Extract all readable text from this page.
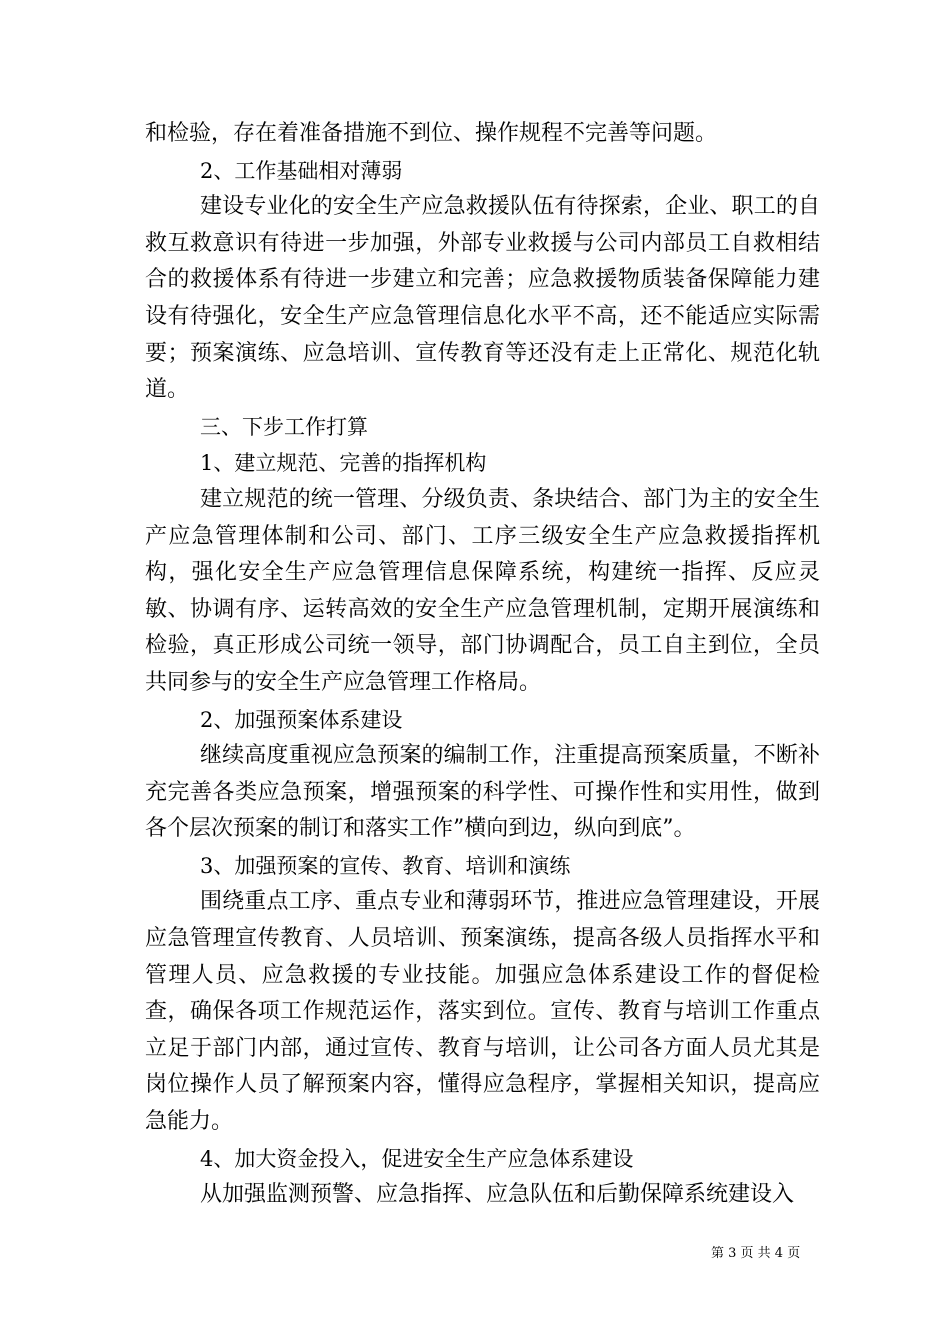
和检验，存在着准备措施不到位、操作规程不完善等问题。

2、工作基础相对薄弱

建设专业化的安全生产应急救援队伍有待探索，企业、职工的自救互救意识有待进一步加强，外部专业救援与公司内部员工自救相结合的救援体系有待进一步建立和完善；应急救援物质装备保障能力建设有待强化，安全生产应急管理信息化水平不高，还不能适应实际需要；预案演练、应急培训、宣传教育等还没有走上正常化、规范化轨道。

三、下步工作打算

1、建立规范、完善的指挥机构

建立规范的统一管理、分级负责、条块结合、部门为主的安全生产应急管理体制和公司、部门、工序三级安全生产应急救援指挥机构，强化安全生产应急管理信息保障系统，构建统一指挥、反应灵敏、协调有序、运转高效的安全生产应急管理机制，定期开展演练和检验，真正形成公司统一领导，部门协调配合，员工自主到位，全员共同参与的安全生产应急管理工作格局。

2、加强预案体系建设

继续高度重视应急预案的编制工作，注重提高预案质量，不断补充完善各类应急预案，增强预案的科学性、可操作性和实用性，做到各个层次预案的制订和落实工作”横向到边，纵向到底”。

3、加强预案的宣传、教育、培训和演练

围绕重点工序、重点专业和薄弱环节，推进应急管理建设，开展应急管理宣传教育、人员培训、预案演练，提高各级人员指挥水平和管理人员、应急救援的专业技能。加强应急体系建设工作的督促检查，确保各项工作规范运作，落实到位。宣传、教育与培训工作重点立足于部门内部，通过宣传、教育与培训，让公司各方面人员尤其是岗位操作人员了解预案内容，懂得应急程序，掌握相关知识，提高应急能力。

4、加大资金投入，促进安全生产应急体系建设

从加强监测预警、应急指挥、应急队伍和后勤保障系统建设入

第 3 页 共 4 页
